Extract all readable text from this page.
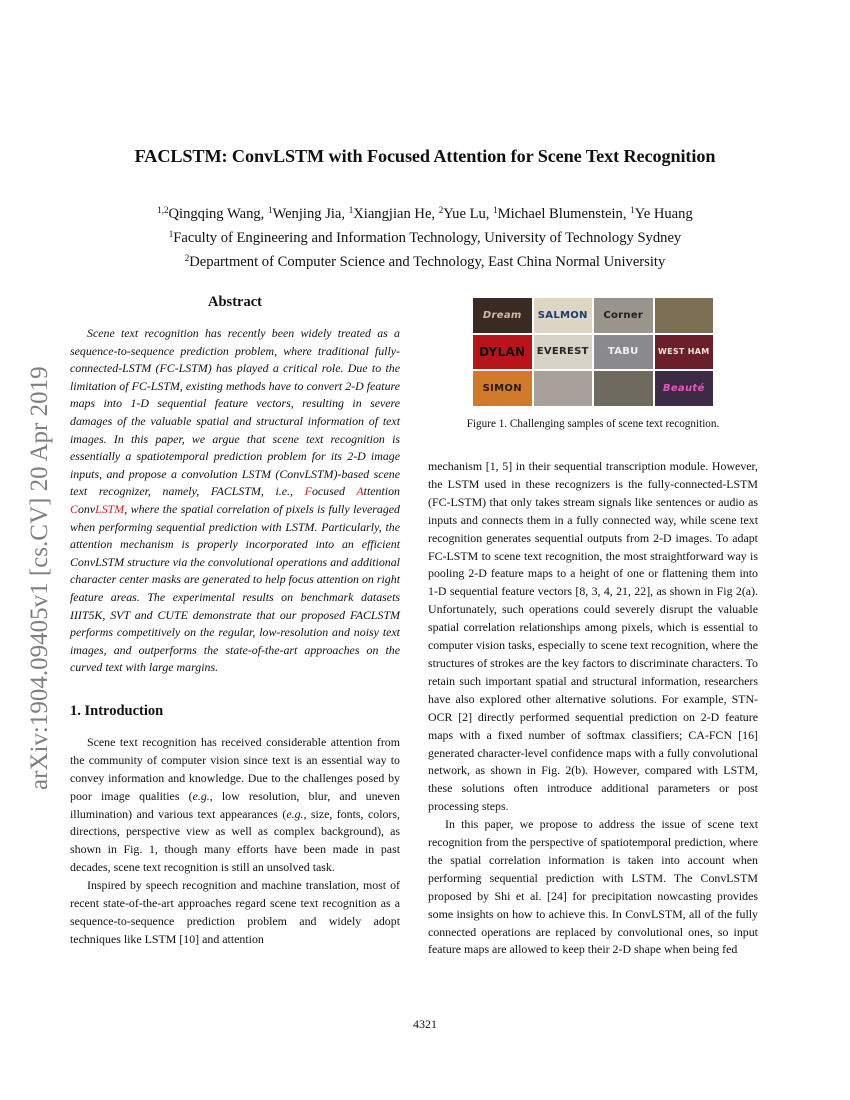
FACLSTM: ConvLSTM with Focused Attention for Scene Text Recognition
$^{1,2}$Qingqing Wang, $^1$Wenjing Jia, $^1$Xiangjian He, $^2$Yue Lu, $^1$Michael Blumenstein, $^1$Ye Huang
$^1$Faculty of Engineering and Information Technology, University of Technology Sydney
$^2$Department of Computer Science and Technology, East China Normal University
arXiv:1904.09405v1 [cs.CV] 20 Apr 2019
Abstract

Scene text recognition has recently been widely treated as a sequence-to-sequence prediction problem, where traditional fully-connected-LSTM (FC-LSTM) has played a critical role. Due to the limitation of FC-LSTM, existing methods have to convert 2-D feature maps into 1-D sequential feature vectors, resulting in severe damages of the valuable spatial and structural information of text images. In this paper, we argue that scene text recognition is essentially a spatiotemporal prediction problem for its 2-D image inputs, and propose a convolution LSTM (ConvLSTM)-based scene text recognizer, namely, FACLSTM, i.e., Focused Attention ConvLSTM, where the spatial correlation of pixels is fully leveraged when performing sequential prediction with LSTM. Particularly, the attention mechanism is properly incorporated into an efficient ConvLSTM structure via the convolutional operations and additional character center masks are generated to help focus attention on right feature areas. The experimental results on benchmark datasets IIIT5K, SVT and CUTE demonstrate that our proposed FACLSTM performs competitively on the regular, low-resolution and noisy text images, and outperforms the state-of-the-art approaches on the curved text with large margins.

1. Introduction

Scene text recognition has received considerable attention from the community of computer vision since text is an essential way to convey information and knowledge. Due to the challenges posed by poor image qualities (e.g., low resolution, blur, and uneven illumination) and various text appearances (e.g., size, fonts, colors, directions, perspective view as well as complex background), as shown in Fig. 1, though many efforts have been made in past decades, scene text recognition is still an unsolved task.

Inspired by speech recognition and machine translation, most of recent state-of-the-art approaches regard scene text recognition as a sequence-to-sequence prediction problem and widely adopt techniques like LSTM [10] and attention

Dream	SALMON	Corner
DYLAN	EVEREST	TABU	WEST HAM
SIMON	Beauté
Figure 1. Challenging samples of scene text recognition.

mechanism [1, 5] in their sequential transcription module. However, the LSTM used in these recognizers is the fully-connected-LSTM (FC-LSTM) that only takes stream signals like sentences or audio as inputs and connects them in a fully connected way, while scene text recognition generates sequential outputs from 2-D images. To adapt FC-LSTM to scene text recognition, the most straightforward way is pooling 2-D feature maps to a height of one or flattening them into 1-D sequential feature vectors [8, 3, 4, 21, 22], as shown in Fig 2(a). Unfortunately, such operations could severely disrupt the valuable spatial correlation relationships among pixels, which is essential to computer vision tasks, especially to scene text recognition, where the structures of strokes are the key factors to discriminate characters. To retain such important spatial and structural information, researchers have also explored other alternative solutions. For example, STN-OCR [2] directly performed sequential prediction on 2-D feature maps with a fixed number of softmax classifiers; CA-FCN [16] generated character-level confidence maps with a fully convolutional network, as shown in Fig. 2(b). However, compared with LSTM, these solutions often introduce additional parameters or post processing steps.

In this paper, we propose to address the issue of scene text recognition from the perspective of spatiotemporal prediction, where the spatial correlation information is taken into account when performing sequential prediction with LSTM. The ConvLSTM proposed by Shi et al. [24] for precipitation nowcasting provides some insights on how to achieve this. In ConvLSTM, all of the fully connected operations are replaced by convolutional ones, so input feature maps are allowed to keep their 2-D shape when being fed

4321
